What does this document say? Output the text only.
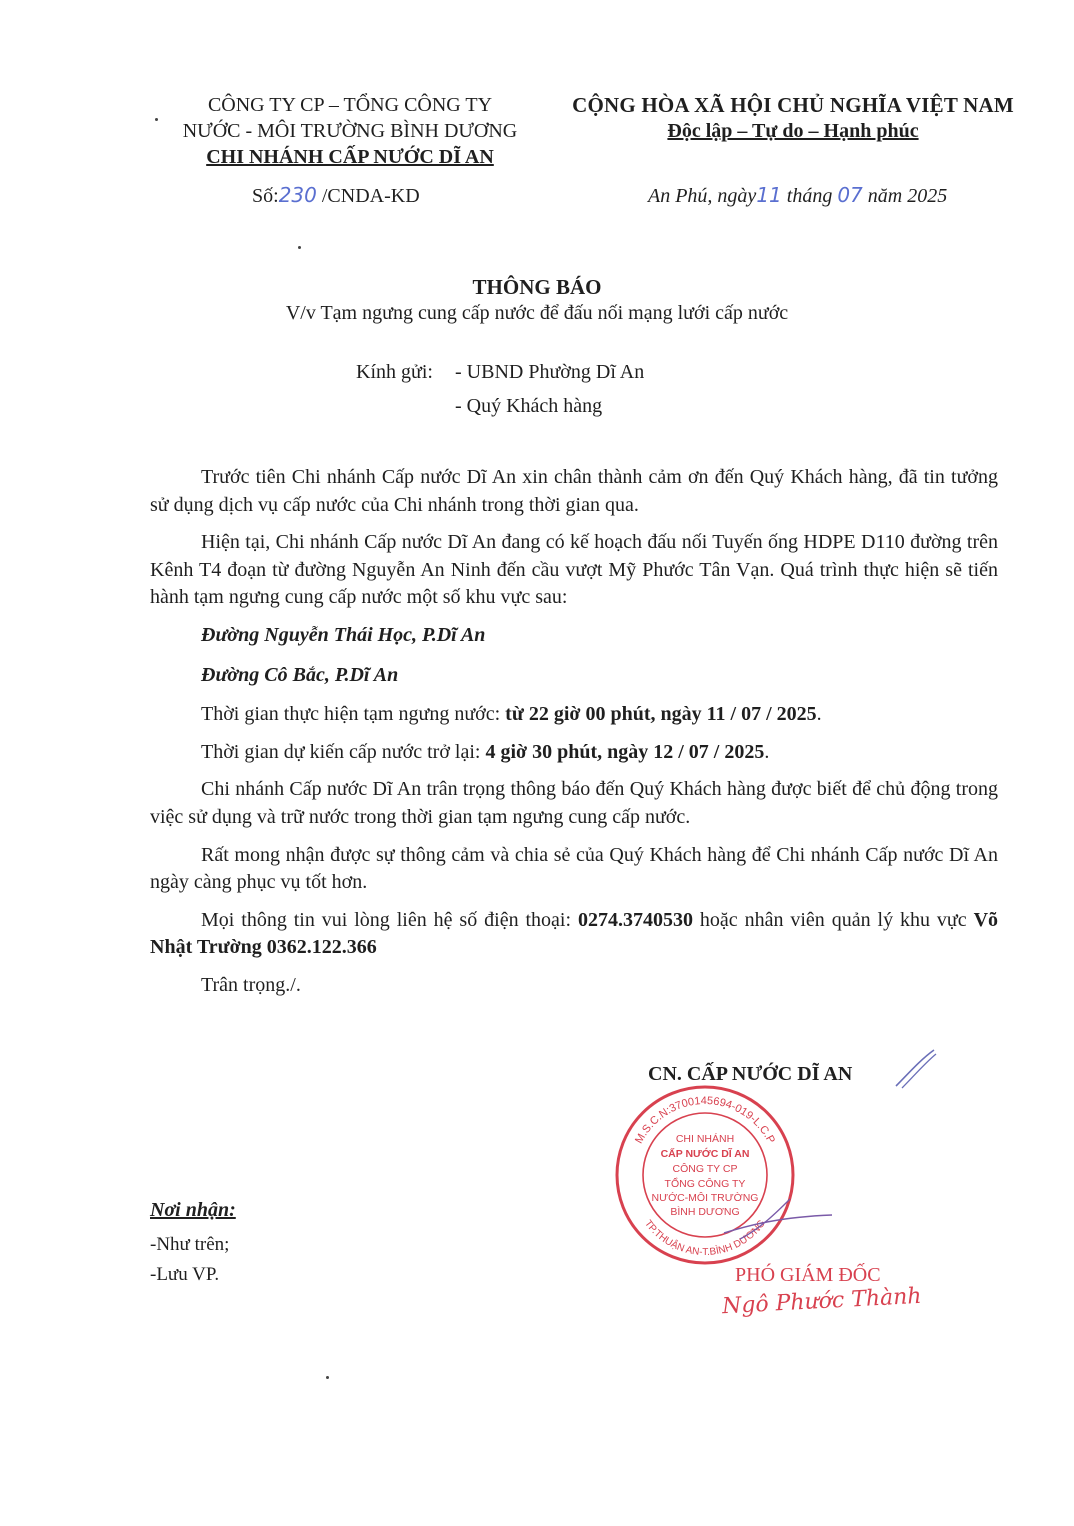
CÔNG TY CP – TỔNG CÔNG TY
NƯỚC - MÔI TRƯỜNG BÌNH DƯƠNG
CHI NHÁNH CẤP NƯỚC DĨ AN
CỘNG HÒA XÃ HỘI CHỦ NGHĨA VIỆT NAM
Độc lập – Tự do – Hạnh phúc
Số:230 /CNDA-KD	An Phú, ngày11 tháng 07 năm 2025
THÔNG BÁO
V/v Tạm ngưng cung cấp nước để đấu nối mạng lưới cấp nước
Kính gửi: - UBND Phường Dĩ An
- Quý Khách hàng

Trước tiên Chi nhánh Cấp nước Dĩ An xin chân thành cảm ơn đến Quý Khách hàng, đã tin tưởng sử dụng dịch vụ cấp nước của Chi nhánh trong thời gian qua.

Hiện tại, Chi nhánh Cấp nước Dĩ An đang có kế hoạch đấu nối Tuyến ống HDPE D110 đường trên Kênh T4 đoạn từ đường Nguyễn An Ninh đến cầu vượt Mỹ Phước Tân Vạn. Quá trình thực hiện sẽ tiến hành tạm ngưng cung cấp nước một số khu vực sau:

Đường Nguyễn Thái Học, P.Dĩ An

Đường Cô Bắc, P.Dĩ An

Thời gian thực hiện tạm ngưng nước: từ 22 giờ 00 phút, ngày 11 / 07 / 2025.

Thời gian dự kiến cấp nước trở lại: 4 giờ 30 phút, ngày 12 / 07 / 2025.

Chi nhánh Cấp nước Dĩ An trân trọng thông báo đến Quý Khách hàng được biết để chủ động trong việc sử dụng và trữ nước trong thời gian tạm ngưng cung cấp nước.

Rất mong nhận được sự thông cảm và chia sẻ của Quý Khách hàng để Chi nhánh Cấp nước Dĩ An ngày càng phục vụ tốt hơn.

Mọi thông tin vui lòng liên hệ số điện thoại: 0274.3740530 hoặc nhân viên quản lý khu vực Võ Nhật Trường 0362.122.366

Trân trọng./.

CN. CẤP NƯỚC DĨ AN
M.S.C.N:3700145694-019-L.C.P
TP.THUẬN AN-T.BÌNH DƯƠNG
CHI NHÁNH
CẤP NƯỚC DĨ AN
CÔNG TY CP
TỔNG CÔNG TY
NƯỚC-MÔI TRƯỜNG
BÌNH DƯƠNG
PHÓ GIÁM ĐỐC
Ngô Phước Thành
Nơi nhận:
-Như trên;
-Lưu VP.
